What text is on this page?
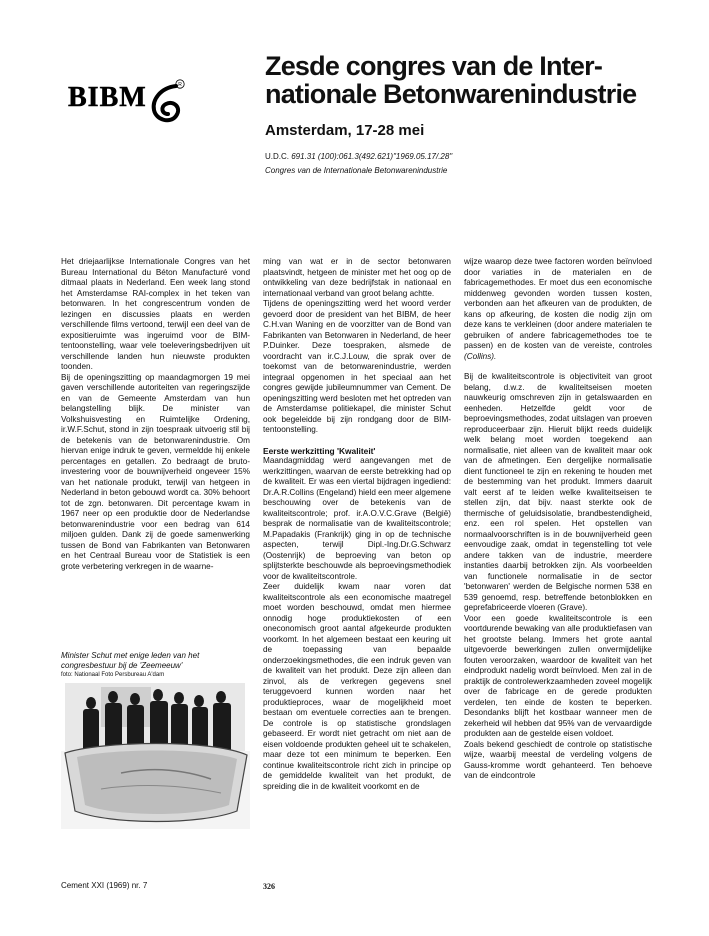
BIBM	R
Zesde congres van de Inter-
nationale Betonwarenindustrie
Amsterdam, 17-28 mei
U.D.C. 691.31 (100):061.3(492.621)"1969.05.17/.28"
Congres van de Internationale Betonwarenindustrie

Het driejaarlijkse Internationale Congres van het Bureau International du Béton Manufacturé vond ditmaal plaats in Nederland. Een week lang stond het Amsterdamse RAI-complex in het teken van betonwaren. In het congrescentrum vonden de lezingen en discussies plaats en werden verschillende films vertoond, terwijl een deel van de expositieruimte was ingeruimd voor de BIM-tentoonstelling, waar vele toeleveringsbedrijven uit verschillende landen hun nieuwste produkten toonden.

Bij de openingszitting op maandagmorgen 19 mei gaven verschillende autoriteiten van regeringszijde en van de Gemeente Amsterdam van hun belangstelling blijk. De minister van Volkshuisvesting en Ruimtelijke Ordening, ir.W.F.Schut, stond in zijn toespraak uitvoerig stil bij de betekenis van de betonwarenindustrie. Om hiervan enige indruk te geven, vermeldde hij enkele percentages en getallen. Zo bedraagt de bruto-investering voor de bouwnijverheid ongeveer 15% van het nationale produkt, terwijl van hetgeen in Nederland in beton gebouwd wordt ca. 30% behoort tot de zgn. betonwaren. Dit percentage kwam in 1967 neer op een produktie door de Nederlandse betonwarenindustrie voor een bedrag van 614 miljoen gulden. Dank zij de goede samenwerking tussen de Bond van Fabrikanten van Betonwaren en het Centraal Bureau voor de Statistiek is een grote verbetering verkregen in de waarne-

Minister Schut met enige leden van het congresbestuur bij de 'Zeemeeuw'
foto: Nationaal Foto Persbureau A'dam

ming van wat er in de sector betonwaren plaatsvindt, hetgeen de minister met het oog op de ontwikkeling van deze bedrijfstak in nationaal en internationaal verband van groot belang achtte.

Tijdens de openingszitting werd het woord verder gevoerd door de president van het BIBM, de heer C.H.van Waning en de voorzitter van de Bond van Fabrikanten van Betonwaren in Nederland, de heer P.Duinker. Deze toespraken, alsmede de voordracht van ir.C.J.Louw, die sprak over de toekomst van de betonwarenindustrie, werden integraal opgenomen in het speciaal aan het congres gewijde jubileumnummer van Cement. De openingszitting werd besloten met het optreden van de Amsterdamse politiekapel, die minister Schut ook begeleidde bij zijn rondgang door de BIM-tentoonstelling.

Eerste werkzitting 'Kwaliteit'

Maandagmiddag werd aangevangen met de werkzittingen, waarvan de eerste betrekking had op de kwaliteit. Er was een viertal bijdragen ingediend: Dr.A.R.Collins (Engeland) hield een meer algemene beschouwing over de betekenis van de kwaliteitscontrole; prof. ir.A.O.V.C.Grave (België) besprak de normalisatie van de kwaliteitscontrole; M.Papadakis (Frankrijk) ging in op de technische aspecten, terwijl Dipl.-Ing.Dr.G.Schwarz (Oostenrijk) de beproeving van beton op splijtsterkte beschouwde als beproevingsmethodiek voor de kwaliteitscontrole.

Zeer duidelijk kwam naar voren dat kwaliteitscontrole als een economische maatregel moet worden beschouwd, omdat men hiermee onnodig hoge produktiekosten of een oneconomisch groot aantal afgekeurde produkten voorkomt. In het algemeen bestaat een keuring uit de toepassing van bepaalde onderzoekingsmethodes, die een indruk geven van de kwaliteit van het produkt. Deze zijn alleen dan zinvol, als de verkregen gegevens snel teruggevoerd kunnen worden naar het produktieproces, waar de mogelijkheid moet bestaan om eventuele correcties aan te brengen. De controle is op statistische grondslagen gebaseerd. Er wordt niet getracht om niet aan de eisen voldoende produkten geheel uit te schakelen, maar deze tot een minimum te beperken. Een continue kwaliteitscontrole richt zich in principe op de gemiddelde kwaliteit van het produkt, de spreiding die in de kwaliteit voorkomt en de

wijze waarop deze twee factoren worden beïnvloed door variaties in de materialen en de fabricagemethodes. Er moet dus een economische middenweg gevonden worden tussen kosten, verbonden aan het afkeuren van de produkten, de kans op afkeuring, de kosten die nodig zijn om deze kans te verkleinen (door andere materialen te gebruiken of andere fabricagemethodes toe te passen) en de kosten van de vereiste, controles (Collins).

Bij de kwaliteitscontrole is objectiviteit van groot belang, d.w.z. de kwaliteitseisen moeten nauwkeurig omschreven zijn in getalswaarden en eenheden. Hetzelfde geldt voor de beproevingsmethodes, zodat uitslagen van proeven reproduceerbaar zijn. Hieruit blijkt reeds duidelijk welk belang moet worden toegekend aan normalisatie, niet alleen van de kwaliteit maar ook van de afmetingen. Een dergelijke normalisatie dient functioneel te zijn en rekening te houden met de bestemming van het produkt. Immers daaruit valt eerst af te leiden welke kwaliteitseisen te stellen zijn, dat bijv. naast sterkte ook de thermische of geluidsisolatie, brandbestendigheid, enz. een rol spelen. Het opstellen van normaalvoorschriften is in de bouwnijverheid geen eenvoudige zaak, omdat in tegenstelling tot vele andere takken van de industrie, meerdere instanties daarbij betrokken zijn. Als voorbeelden van functionele normalisatie in de sector 'betonwaren' werden de Belgische normen 538 en 539 genoemd, resp. betreffende betonblokken en geprefabriceerde vloeren (Grave).

Voor een goede kwaliteitscontrole is een voortdurende bewaking van alle produktiefasen van het grootste belang. Immers het grote aantal uitgevoerde bewerkingen zullen onvermijdelijke fouten veroorzaken, waardoor de kwaliteit van het eindprodukt nadelig wordt beïnvloed. Men zal in de praktijk de controlewerkzaamheden zoveel mogelijk over de fabricage en de gerede produkten verdelen, ten einde de kosten te beperken. Desondanks blijft het kostbaar wanneer men de zekerheid wil hebben dat 95% van de vervaardigde produkten aan de gestelde eisen voldoet.

Zoals bekend geschiedt de controle op statistische wijze, waarbij meestal de verdeling volgens de Gauss-kromme wordt gehanteerd. Ten behoeve van de eindcontrole

Cement XXI (1969) nr. 7	326
